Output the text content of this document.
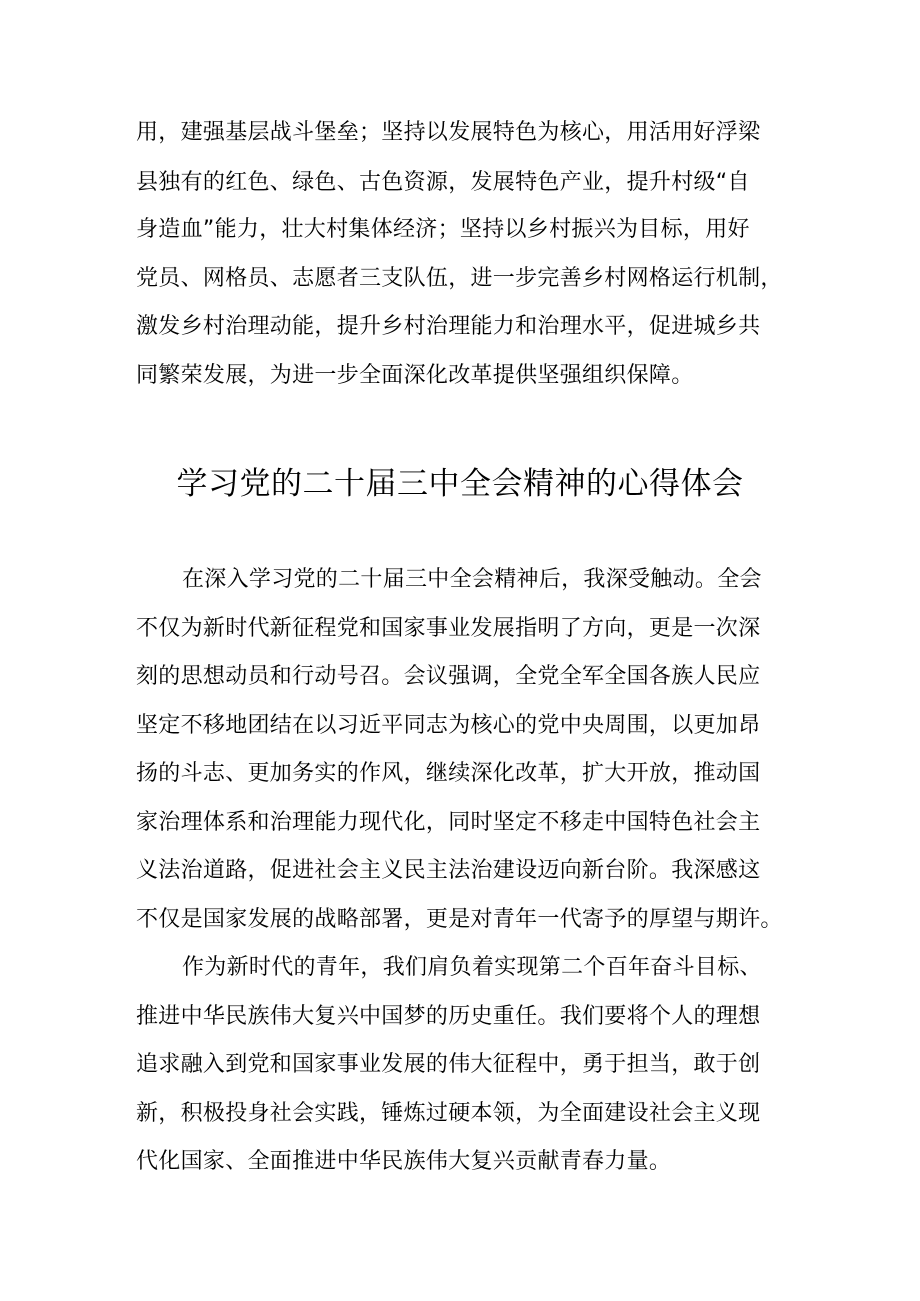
用，建强基层战斗堡垒；坚持以发展特色为核心，用活用好浮梁
县独有的红色、绿色、古色资源，发展特色产业，提升村级“自
身造血”能力，壮大村集体经济；坚持以乡村振兴为目标，用好
党员、网格员、志愿者三支队伍，进一步完善乡村网格运行机制，
激发乡村治理动能，提升乡村治理能力和治理水平，促进城乡共
同繁荣发展，为进一步全面深化改革提供坚强组织保障。
学习党的二十届三中全会精神的心得体会
在深入学习党的二十届三中全会精神后，我深受触动。全会
不仅为新时代新征程党和国家事业发展指明了方向，更是一次深
刻的思想动员和行动号召。会议强调，全党全军全国各族人民应
坚定不移地团结在以习近平同志为核心的党中央周围，以更加昂
扬的斗志、更加务实的作风，继续深化改革，扩大开放，推动国
家治理体系和治理能力现代化，同时坚定不移走中国特色社会主
义法治道路，促进社会主义民主法治建设迈向新台阶。我深感这
不仅是国家发展的战略部署，更是对青年一代寄予的厚望与期许。
作为新时代的青年，我们肩负着实现第二个百年奋斗目标、
推进中华民族伟大复兴中国梦的历史重任。我们要将个人的理想
追求融入到党和国家事业发展的伟大征程中，勇于担当，敢于创
新，积极投身社会实践，锤炼过硬本领，为全面建设社会主义现
代化国家、全面推进中华民族伟大复兴贡献青春力量。
